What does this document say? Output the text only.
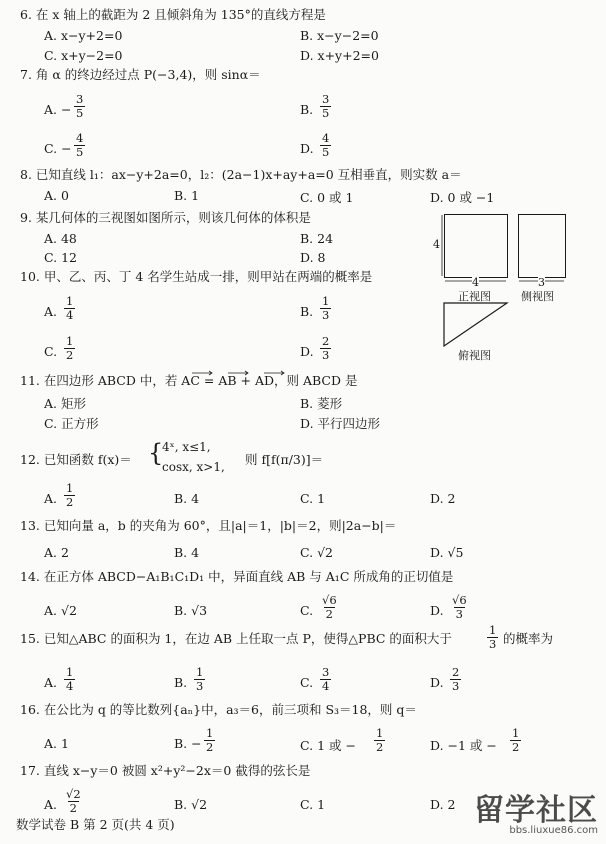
6. 在 x 轴上的截距为 2 且倾斜角为 135°的直线方程是
A. x−y+2=0	B. x−y−2=0
C. x+y−2=0	D. x+y+2=0
7. 角 α 的终边经过点 P(−3,4)，则 sinα＝
A. − $\frac{3}{5}$	B. $\frac{3}{5}$
C. − $\frac{4}{5}$	D. $\frac{4}{5}$
8. 已知直线 l₁：ax−y+2a=0，l₂：(2a−1)x+ay+a=0 互相垂直，则实数 a＝
A. 0	B. 1	C. 0 或 1	D. 0 或 −1
9. 某几何体的三视图如图所示，则该几何体的体积是
A. 48	B. 24
C. 12	D. 8
4
4	3
正视图	侧视图
俯视图
10. 甲、乙、丙、丁 4 名学生站成一排，则甲站在两端的概率是
A. $\frac{1}{4}$	B. $\frac{1}{3}$
C. $\frac{1}{2}$	D. $\frac{2}{3}$
11. 在四边形 ABCD 中，若 AC = AB + AD，则 ABCD 是
A. 矩形	B. 菱形
C. 正方形	D. 平行四边形
12. 已知函数 f(x)＝ {
4ˣ, x≤1,
cosx, x>1, 则 f[f(π/3)]＝
A. $\frac{1}{2}$	B. 4	C. 1	D. 2
13. 已知向量 a，b 的夹角为 60°，且|a|＝1，|b|＝2，则|2a−b|＝
A. 2	B. 4	C. √2	D. √5
14. 在正方体 ABCD−A₁B₁C₁D₁ 中，异面直线 AB 与 A₁C 所成角的正切值是
A. √2	B. √3	C. $\frac{√6}{2}$	D. $\frac{√6}{3}$
15. 已知△ABC 的面积为 1，在边 AB 上任取一点 P，使得△PBC 的面积大于	$\frac{1}{3}$ 的概率为
A. $\frac{1}{4}$	B. $\frac{1}{3}$	C. $\frac{3}{4}$	D. $\frac{2}{3}$
16. 在公比为 q 的等比数列{aₙ}中，a₃＝6，前三项和 S₃＝18，则 q＝
A. 1	B. − $\frac{1}{2}$	C. 1 或 − $\frac{1}{2}$	D. −1 或 − $\frac{1}{2}$
17. 直线 x−y＝0 被圆 x²+y²−2x＝0 截得的弦长是
A. $\frac{√2}{2}$	B. √2	C. 1	D. 2
数学试卷 B 第 2 页(共 4 页)	留学社区
bbs.liuxue86.com
